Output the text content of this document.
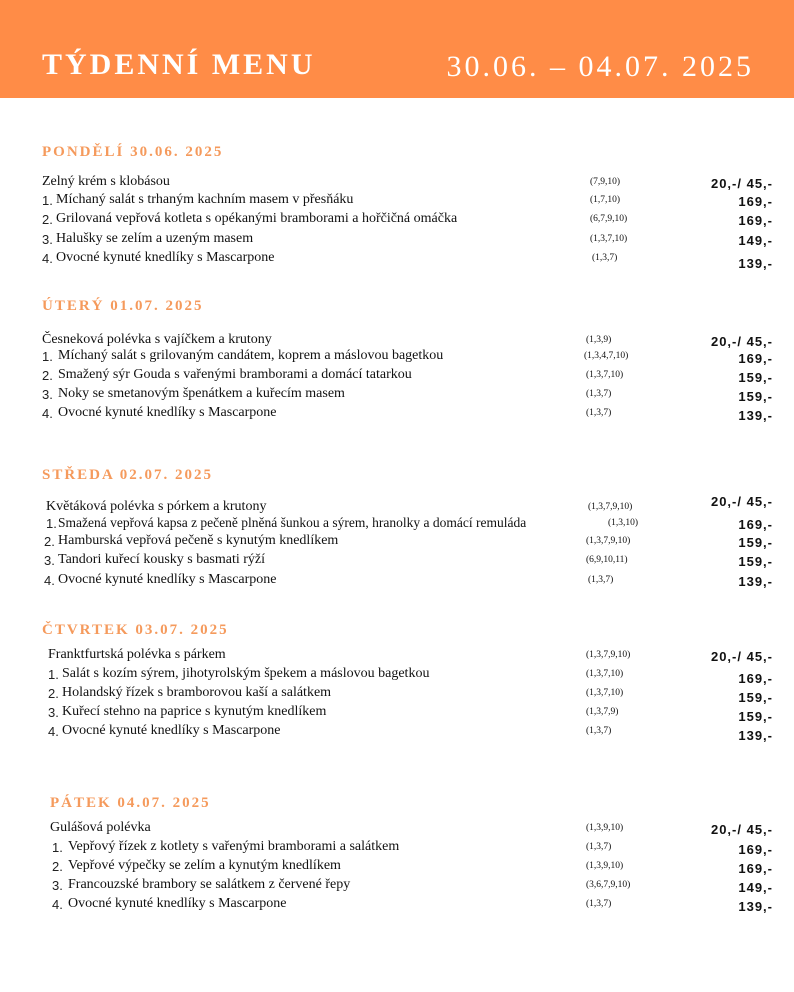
TÝDENNÍ MENU	30.06. – 04.07. 2025
PONDĚLÍ 30.06. 2025
Zelný krém s klobásou	(7,9,10)	20,-/ 45,-
1. Míchaný salát s trhaným kachním masem v přesňáku	(1,7,10)	169,-
2. Grilovaná vepřová kotleta s opékanými bramborami a hořčičná omáčka	(6,7,9,10)	169,-
3. Halušky se zelím a uzeným masem	(1,3,7,10)	149,-
4. Ovocné kynuté knedlíky s Mascarpone	(1,3,7)	139,-
ÚTERÝ 01.07. 2025
Česneková polévka s vajíčkem a krutony	(1,3,9)	20,-/ 45,-
1. Míchaný salát s grilovaným candátem, koprem a máslovou bagetkou	(1,3,4,7,10)	169,-
2. Smažený sýr Gouda s vařenými bramborami a domácí tatarkou	(1,3,7,10)	159,-
3. Noky se smetanovým špenátkem a kuřecím masem	(1,3,7)	159,-
4. Ovocné kynuté knedlíky s Mascarpone	(1,3,7)	139,-
STŘEDA 02.07. 2025
Květáková polévka s pórkem a krutony	(1,3,7,9,10)	20,-/ 45,-
1. Smažená vepřová kapsa z pečeně plněná šunkou a sýrem, hranolky a domácí remuláda	(1,3,10)	169,-
2. Hamburská vepřová pečeně s kynutým knedlíkem	(1,3,7,9,10)	159,-
3. Tandori kuřecí kousky s basmati rýží	(6,9,10,11)	159,-
4. Ovocné kynuté knedlíky s Mascarpone	(1,3,7)	139,-
ČTVRTEK 03.07. 2025
Franktfurtská polévka s párkem	(1,3,7,9,10)	20,-/ 45,-
1. Salát s kozím sýrem, jihotyrolským špekem a máslovou bagetkou	(1,3,7,10)	169,-
2. Holandský řízek s bramborovou kaší a salátkem	(1,3,7,10)	159,-
3. Kuřecí stehno na paprice s kynutým knedlíkem	(1,3,7,9)	159,-
4. Ovocné kynuté knedlíky s Mascarpone	(1,3,7)	139,-
PÁTEK 04.07. 2025
Gulášová polévka	(1,3,9,10)	20,-/ 45,-
1. Vepřový řízek z kotlety s vařenými bramborami a salátkem	(1,3,7)	169,-
2. Vepřové výpečky se zelím a kynutým knedlíkem	(1,3,9,10)	169,-
3. Francouzské brambory se salátkem z červené řepy	(3,6,7,9,10)	149,-
4. Ovocné kynuté knedlíky s Mascarpone	(1,3,7)	139,-
